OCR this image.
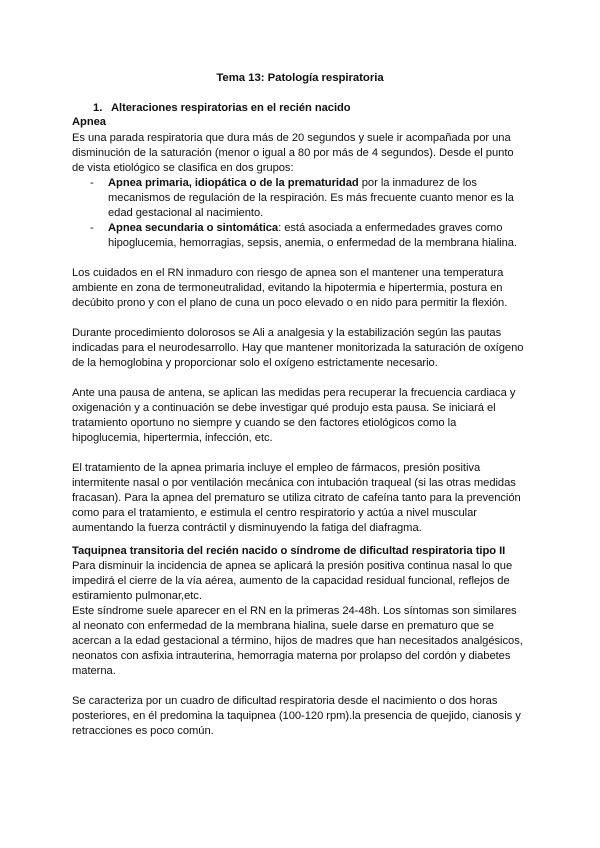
Tema 13: Patología respiratoria
1. Alteraciones respiratorias en el recién nacido
Apnea
Es una parada respiratoria que dura más de 20 segundos y suele ir acompañada por una
disminución de la saturación (menor o igual a 80 por más de 4 segundos). Desde el punto
de vista etiológico se clasifica en dos grupos:
- Apnea primaria, idiopática o de la prematuridad por la inmadurez de los
mecanismos de regulación de la respiración. Es más frecuente cuanto menor es la
edad gestacional al nacimiento.
- Apnea secundaria o sintomática: está asociada a enfermedades graves como
hipoglucemia, hemorragias, sepsis, anemia, o enfermedad de la membrana hialina.
Los cuidados en el RN inmaduro con riesgo de apnea son el mantener una temperatura
ambiente en zona de termoneutralidad, evitando la hipotermia e hipertermia, postura en
decúbito prono y con el plano de cuna un poco elevado o en nido para permitir la flexión.
Durante procedimiento dolorosos se Ali a analgesia y la estabilización según las pautas
indicadas para el neurodesarrollo. Hay que mantener monitorizada la saturación de oxígeno
de la hemoglobina y proporcionar solo el oxígeno estrictamente necesario.
Ante una pausa de antena, se aplican las medidas pera recuperar la frecuencia cardiaca y
oxigenación y a continuación se debe investigar qué produjo esta pausa. Se iniciará el
tratamiento oportuno no siempre y cuando se den factores etiológicos como la
hipoglucemia, hipertermia, infección, etc.
El tratamiento de la apnea primaria incluye el empleo de fármacos, presión positiva
intermitente nasal o por ventilación mecánica con intubación traqueal (si las otras medidas
fracasan). Para la apnea del prematuro se utiliza citrato de cafeína tanto para la prevención
como para el tratamiento, e estimula el centro respiratorio y actúa a nivel muscular
aumentando la fuerza contráctil y disminuyendo la fatiga del diafragma.
Taquipnea transitoria del recién nacido o síndrome de dificultad respiratoria tipo II
Para disminuir la incidencia de apnea se aplicará la presión positiva continua nasal lo que
impedirá el cierre de la vía aérea, aumento de la capacidad residual funcional, reflejos de
estiramiento pulmonar,etc.
Este síndrome suele aparecer en el RN en la primeras 24-48h. Los síntomas son similares
al neonato con enfermedad de la membrana hialina, suele darse en prematuro que se
acercan a la edad gestacional a término, hijos de madres que han necesitados analgésicos,
neonatos con asfixia intrauterina, hemorragia materna por prolapso del cordón y diabetes
materna.
Se caracteriza por un cuadro de dificultad respiratoria desde el nacimiento o dos horas
posteriores, en él predomina la taquipnea (100-120 rpm).la presencia de quejido, cianosis y
retracciones es poco común.
